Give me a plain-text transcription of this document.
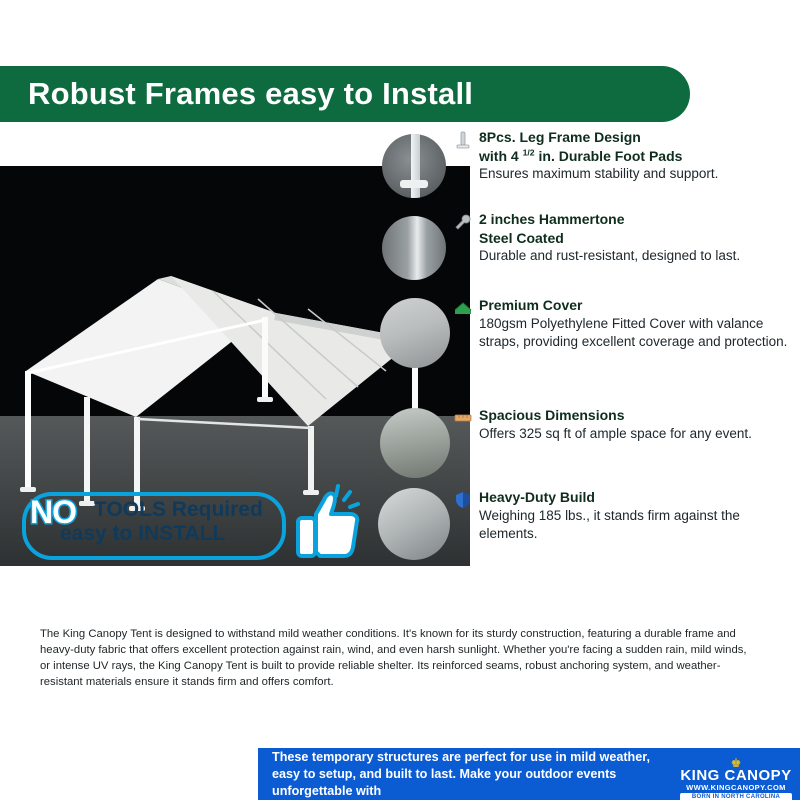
Robust Frames easy to Install
NO TOOLS Required
easy to INSTALL
8Pcs. Leg Frame Design
with 4 $^{1/2}$ in. Durable Foot Pads
Ensures maximum stability and support.
2 inches Hammertone
Steel Coated
Durable and rust-resistant, designed to last.
Premium Cover
180gsm Polyethylene Fitted Cover with valance straps, providing excellent coverage and protection.
Spacious Dimensions
Offers 325 sq ft of ample space for any event.
Heavy-Duty Build
Weighing 185 lbs., it stands firm against the elements.
The King Canopy Tent is designed to withstand mild weather conditions. It's known for its sturdy construction, featuring a durable frame and heavy-duty fabric that offers excellent protection against rain, wind, and even harsh sunlight. Whether you're facing a sudden rain, mild winds, or intense UV rays, the King Canopy Tent is built to provide reliable shelter. Its reinforced seams, robust anchoring system, and weather-resistant materials ensure it stands firm and offers comfort.
These temporary structures are perfect for use in mild weather, easy to setup, and built to last. Make your outdoor events unforgettable with
♚
KING CANOPY
WWW.KINGCANOPY.COM
BORN IN NORTH CAROLINA
